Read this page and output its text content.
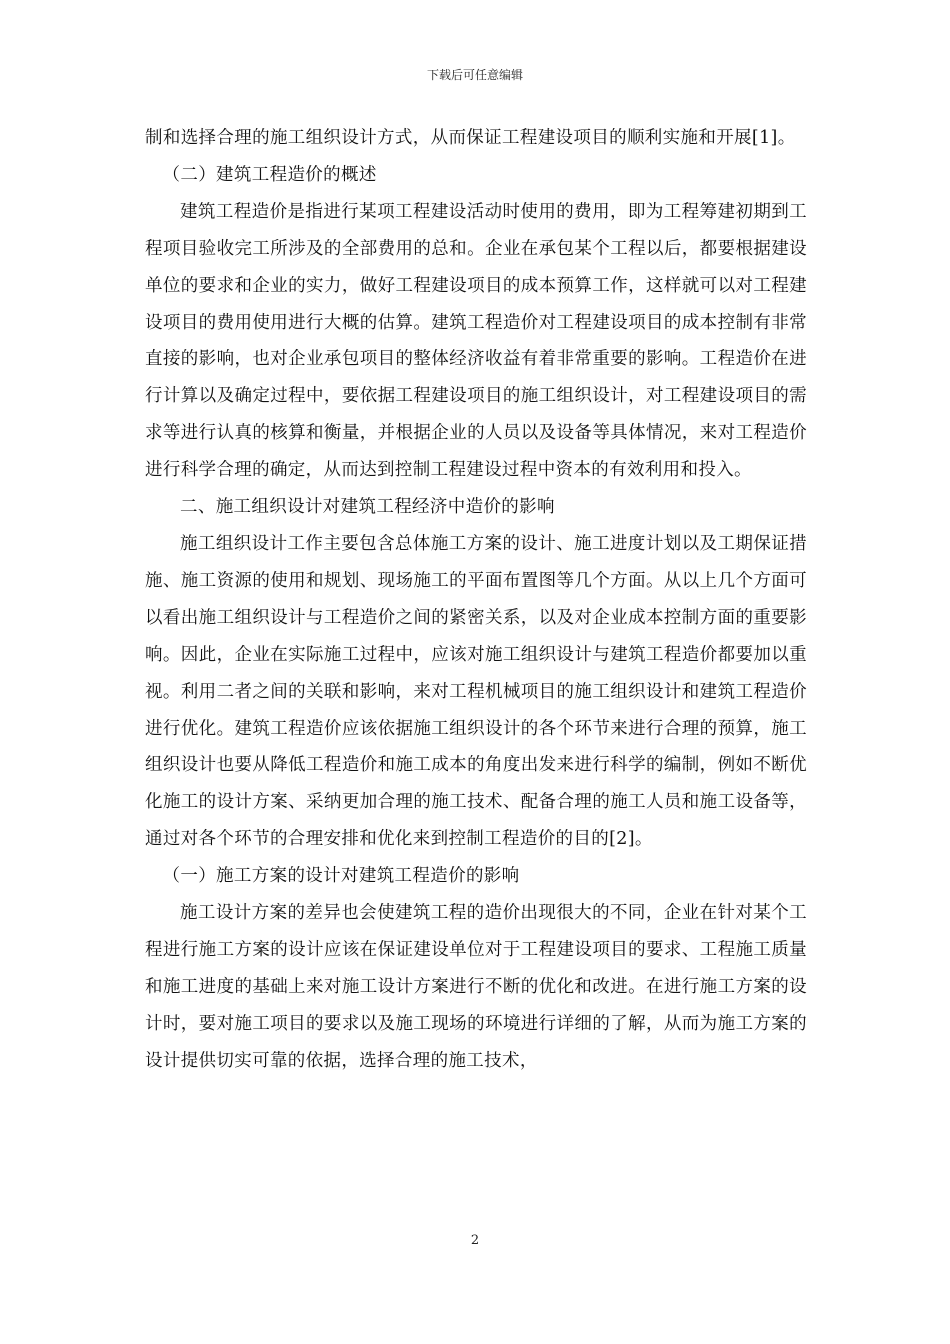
下载后可任意编辑

制和选择合理的施工组织设计方式，从而保证工程建设项目的顺利实施和开展[1]。

（二）建筑工程造价的概述

建筑工程造价是指进行某项工程建设活动时使用的费用，即为工程筹建初期到工程项目验收完工所涉及的全部费用的总和。企业在承包某个工程以后，都要根据建设单位的要求和企业的实力，做好工程建设项目的成本预算工作，这样就可以对工程建设项目的费用使用进行大概的估算。建筑工程造价对工程建设项目的成本控制有非常直接的影响，也对企业承包项目的整体经济收益有着非常重要的影响。工程造价在进行计算以及确定过程中，要依据工程建设项目的施工组织设计，对工程建设项目的需求等进行认真的核算和衡量，并根据企业的人员以及设备等具体情况，来对工程造价进行科学合理的确定，从而达到控制工程建设过程中资本的有效利用和投入。

二、施工组织设计对建筑工程经济中造价的影响

施工组织设计工作主要包含总体施工方案的设计、施工进度计划以及工期保证措施、施工资源的使用和规划、现场施工的平面布置图等几个方面。从以上几个方面可以看出施工组织设计与工程造价之间的紧密关系，以及对企业成本控制方面的重要影响。因此，企业在实际施工过程中，应该对施工组织设计与建筑工程造价都要加以重视。利用二者之间的关联和影响，来对工程机械项目的施工组织设计和建筑工程造价进行优化。建筑工程造价应该依据施工组织设计的各个环节来进行合理的预算，施工组织设计也要从降低工程造价和施工成本的角度出发来进行科学的编制，例如不断优化施工的设计方案、采纳更加合理的施工技术、配备合理的施工人员和施工设备等，通过对各个环节的合理安排和优化来到控制工程造价的目的[2]。

（一）施工方案的设计对建筑工程造价的影响

施工设计方案的差异也会使建筑工程的造价出现很大的不同，企业在针对某个工程进行施工方案的设计应该在保证建设单位对于工程建设项目的要求、工程施工质量和施工进度的基础上来对施工设计方案进行不断的优化和改进。在进行施工方案的设计时，要对施工项目的要求以及施工现场的环境进行详细的了解，从而为施工方案的设计提供切实可靠的依据，选择合理的施工技术，

2
